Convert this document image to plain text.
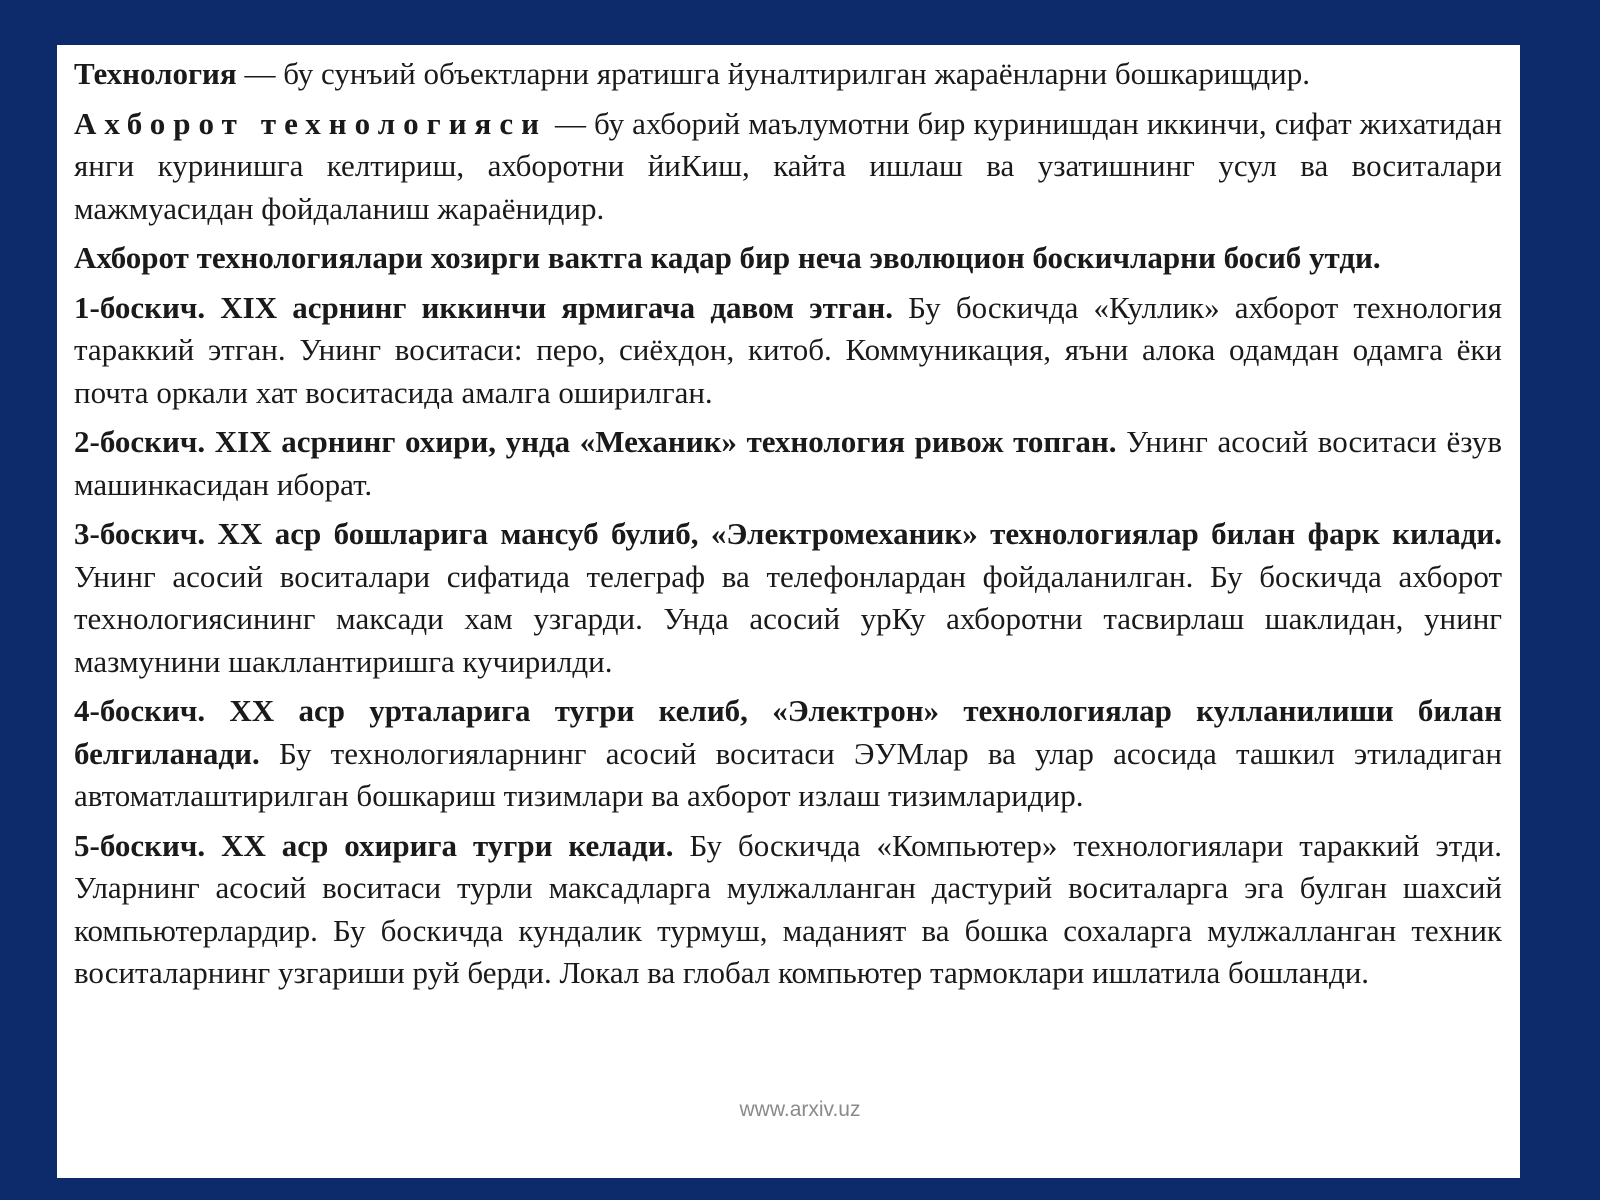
Технология — бу сунъий объектларни яратишга йуналтирилган жараёнларни бошкарищдир.

Ахборот технологияси — бу ахборий маълумотни бир куринишдан иккинчи, сифат жихатидан янги куринишга келтириш, ахборотни йиКиш, кайта ишлаш ва узатишнинг усул ва воситалари мажмуасидан фойдаланиш жараёнидир.

Ахборот технологиялари хозирги вактга кадар бир неча эволюцион боскичларни босиб утди.

1-боскич. XIX асрнинг иккинчи ярмигача давом этган. Бу боскичда «Куллик» ахборот технология тараккий этган. Унинг воситаси: перо, сиёхдон, китоб. Коммуникация, яъни алока одамдан одамга ёки почта оркали хат воситасида амалга оширилган.

2-боскич. XIX асрнинг охири, унда «Механик» технология ривож топган. Унинг асосий воситаси ёзув машинкасидан иборат.

3-боскич. XX аср бошларига мансуб булиб, «Электромеханик» технологиялар билан фарк килади. Унинг асосий воситалари сифатида телеграф ва телефонлардан фойдаланилган. Бу боскичда ахборот технологиясининг максади хам узгарди. Унда асосий урКу ахборотни тасвирлаш шаклидан, унинг мазмунини шакллантиришга кучирилди.

4-боскич. XX аср урталарига тугри келиб, «Электрон» технологиялар кулланилиши билан белгиланади. Бу технологияларнинг асосий воситаси ЭУМлар ва улар асосида ташкил этиладиган автоматлаштирилган бошкариш тизимлари ва ахборот излаш тизимларидир.

5-боскич. XX аср охирига тугри келади. Бу боскичда «Компьютер» технологиялари тараккий этди. Уларнинг асосий воситаси турли максадларга мулжалланган дастурий воситаларга эга булган шахсий компьютерлардир. Бу боскичда кундалик турмуш, маданият ва бошка сохаларга мулжалланган техник воситаларнинг узгариши руй берди. Локал ва глобал компьютер тармоклари ишлатила бошланди.

www.arxiv.uz
